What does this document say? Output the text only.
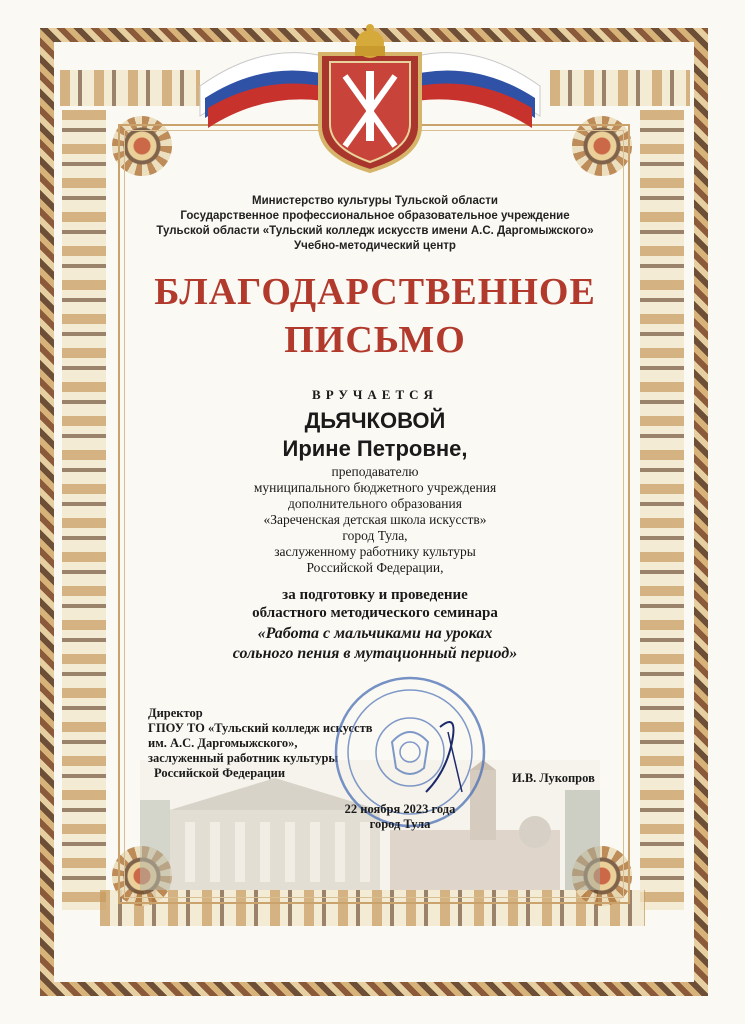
Министерство культуры Тульской области
Государственное профессиональное образовательное учреждение
Тульской области «Тульский колледж искусств имени А.С. Даргомыжского»
Учебно-методический центр
БЛАГОДАРСТВЕННОЕ
ПИСЬМО
ВРУЧАЕТСЯ
ДЬЯЧКОВОЙ
Ирине Петровне,
преподавателю
муниципального бюджетного учреждения
дополнительного образования
«Зареченская детская школа искусств»
город Тула,
заслуженному работнику культуры
Российской Федерации,
за подготовку и проведение
областного методического семинара
«Работа с мальчиками на уроках
сольного пения в мутационный период»
Директор
ГПОУ ТО «Тульский колледж искусств
им. А.С. Даргомыжского»,
заслуженный работник культуры
Российской Федерации	И.В. Лукопров
22 ноября 2023 года
город Тула
